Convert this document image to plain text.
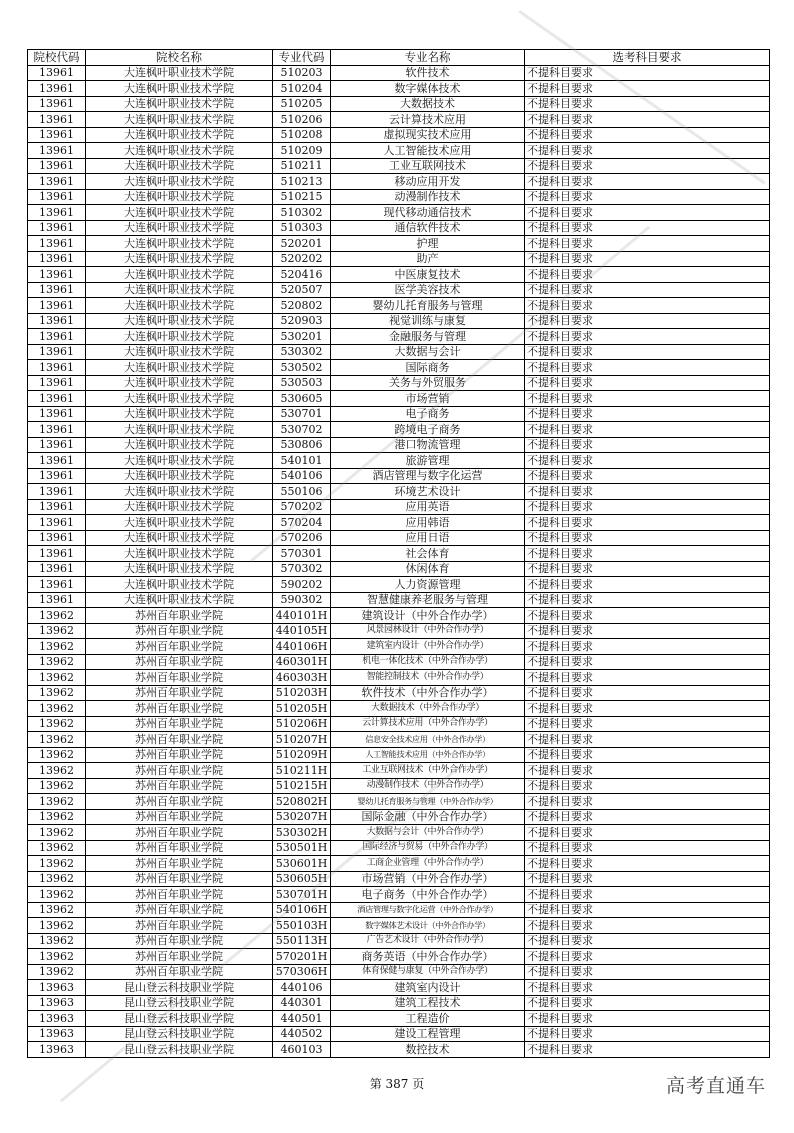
院校代码	院校名称	专业代码	专业名称	选考科目要求
13961	大连枫叶职业技术学院	510203	软件技术	不提科目要求
13961	大连枫叶职业技术学院	510204	数字媒体技术	不提科目要求
13961	大连枫叶职业技术学院	510205	大数据技术	不提科目要求
13961	大连枫叶职业技术学院	510206	云计算技术应用	不提科目要求
13961	大连枫叶职业技术学院	510208	虚拟现实技术应用	不提科目要求
13961	大连枫叶职业技术学院	510209	人工智能技术应用	不提科目要求
13961	大连枫叶职业技术学院	510211	工业互联网技术	不提科目要求
13961	大连枫叶职业技术学院	510213	移动应用开发	不提科目要求
13961	大连枫叶职业技术学院	510215	动漫制作技术	不提科目要求
13961	大连枫叶职业技术学院	510302	现代移动通信技术	不提科目要求
13961	大连枫叶职业技术学院	510303	通信软件技术	不提科目要求
13961	大连枫叶职业技术学院	520201	护理	不提科目要求
13961	大连枫叶职业技术学院	520202	助产	不提科目要求
13961	大连枫叶职业技术学院	520416	中医康复技术	不提科目要求
13961	大连枫叶职业技术学院	520507	医学美容技术	不提科目要求
13961	大连枫叶职业技术学院	520802	婴幼儿托育服务与管理	不提科目要求
13961	大连枫叶职业技术学院	520903	视觉训练与康复	不提科目要求
13961	大连枫叶职业技术学院	530201	金融服务与管理	不提科目要求
13961	大连枫叶职业技术学院	530302	大数据与会计	不提科目要求
13961	大连枫叶职业技术学院	530502	国际商务	不提科目要求
13961	大连枫叶职业技术学院	530503	关务与外贸服务	不提科目要求
13961	大连枫叶职业技术学院	530605	市场营销	不提科目要求
13961	大连枫叶职业技术学院	530701	电子商务	不提科目要求
13961	大连枫叶职业技术学院	530702	跨境电子商务	不提科目要求
13961	大连枫叶职业技术学院	530806	港口物流管理	不提科目要求
13961	大连枫叶职业技术学院	540101	旅游管理	不提科目要求
13961	大连枫叶职业技术学院	540106	酒店管理与数字化运营	不提科目要求
13961	大连枫叶职业技术学院	550106	环境艺术设计	不提科目要求
13961	大连枫叶职业技术学院	570202	应用英语	不提科目要求
13961	大连枫叶职业技术学院	570204	应用韩语	不提科目要求
13961	大连枫叶职业技术学院	570206	应用日语	不提科目要求
13961	大连枫叶职业技术学院	570301	社会体育	不提科目要求
13961	大连枫叶职业技术学院	570302	休闲体育	不提科目要求
13961	大连枫叶职业技术学院	590202	人力资源管理	不提科目要求
13961	大连枫叶职业技术学院	590302	智慧健康养老服务与管理	不提科目要求
13962	苏州百年职业学院	440101H	建筑设计（中外合作办学）	不提科目要求
13962	苏州百年职业学院	440105H	风景园林设计（中外合作办学）	不提科目要求
13962	苏州百年职业学院	440106H	建筑室内设计（中外合作办学）	不提科目要求
13962	苏州百年职业学院	460301H	机电一体化技术（中外合作办学）	不提科目要求
13962	苏州百年职业学院	460303H	智能控制技术（中外合作办学）	不提科目要求
13962	苏州百年职业学院	510203H	软件技术（中外合作办学）	不提科目要求
13962	苏州百年职业学院	510205H	大数据技术（中外合作办学）	不提科目要求
13962	苏州百年职业学院	510206H	云计算技术应用（中外合作办学）	不提科目要求
13962	苏州百年职业学院	510207H	信息安全技术应用（中外合作办学）	不提科目要求
13962	苏州百年职业学院	510209H	人工智能技术应用（中外合作办学）	不提科目要求
13962	苏州百年职业学院	510211H	工业互联网技术（中外合作办学）	不提科目要求
13962	苏州百年职业学院	510215H	动漫制作技术（中外合作办学）	不提科目要求
13962	苏州百年职业学院	520802H	婴幼儿托育服务与管理（中外合作办学）	不提科目要求
13962	苏州百年职业学院	530207H	国际金融（中外合作办学）	不提科目要求
13962	苏州百年职业学院	530302H	大数据与会计（中外合作办学）	不提科目要求
13962	苏州百年职业学院	530501H	国际经济与贸易（中外合作办学）	不提科目要求
13962	苏州百年职业学院	530601H	工商企业管理（中外合作办学）	不提科目要求
13962	苏州百年职业学院	530605H	市场营销（中外合作办学）	不提科目要求
13962	苏州百年职业学院	530701H	电子商务（中外合作办学）	不提科目要求
13962	苏州百年职业学院	540106H	酒店管理与数字化运营（中外合作办学）	不提科目要求
13962	苏州百年职业学院	550103H	数字媒体艺术设计（中外合作办学）	不提科目要求
13962	苏州百年职业学院	550113H	广告艺术设计（中外合作办学）	不提科目要求
13962	苏州百年职业学院	570201H	商务英语（中外合作办学）	不提科目要求
13962	苏州百年职业学院	570306H	体育保健与康复（中外合作办学）	不提科目要求
13963	昆山登云科技职业学院	440106	建筑室内设计	不提科目要求
13963	昆山登云科技职业学院	440301	建筑工程技术	不提科目要求
13963	昆山登云科技职业学院	440501	工程造价	不提科目要求
13963	昆山登云科技职业学院	440502	建设工程管理	不提科目要求
13963	昆山登云科技职业学院	460103	数控技术	不提科目要求
第 387 页	高考直通车
